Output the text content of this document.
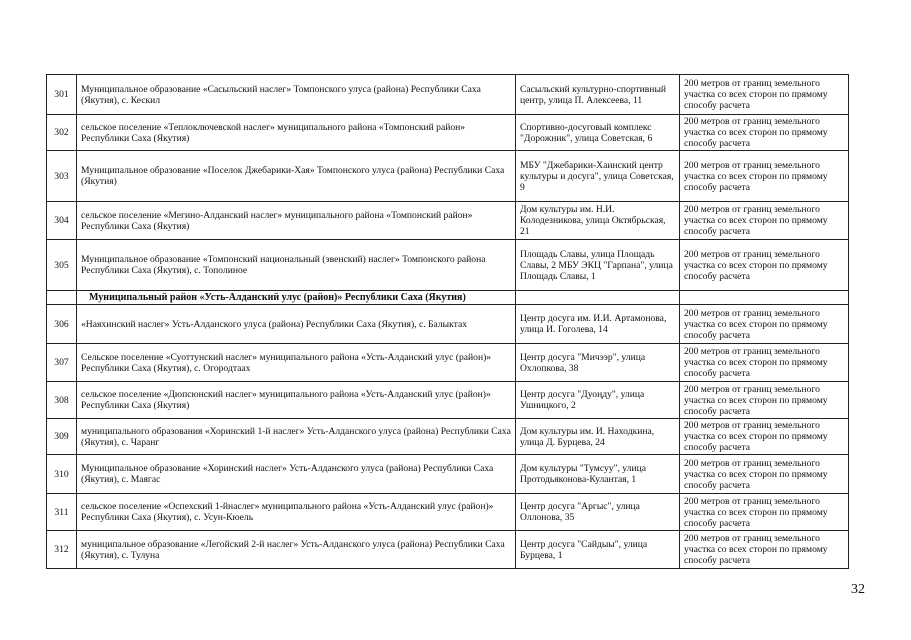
301	Муниципальное образование «Сасыльский наслег» Томпонского улуса (района) Республики Саха (Якутия), с. Кескил	Сасыльский культурно-спортивный центр, улица П. Алексеева, 11	200 метров от границ земельного участка со всех сторон по прямому способу расчета
302	сельское поселение «Теплоключевской наслег» муниципального района «Томпонский район» Республики Саха (Якутия)	Спортивно-досуговый комплекс "Дорожник", улица Советская, 6	200 метров от границ земельного участка со всех сторон по прямому способу расчета
303	Муниципальное образование «Поселок Джебарики-Хая» Томпонского улуса (района) Республики Саха (Якутия)	МБУ "Джебарики-Хаинский центр культуры и досуга", улица Советская, 9	200 метров от границ земельного участка со всех сторон по прямому способу расчета
304	сельское поселение «Мегино-Алданский наслег» муниципального района «Томпонский район» Республики Саха (Якутия)	Дом культуры им. Н.И. Колодезникова, улица Октябрьская, 21	200 метров от границ земельного участка со всех сторон по прямому способу расчета
305	Муниципальное образование «Томпонский национальный (эвенский) наслег» Томпонского района Республики Саха (Якутия), с. Тополиное	Площадь Славы, улица Площадь Славы, 2 МБУ ЭКЦ "Гарпана", улица Площадь Славы, 1	200 метров от границ земельного участка со всех сторон по прямому способу расчета
	Муниципальный район «Усть-Алданский улус (район)» Республики Саха (Якутия)		
306	«Наяхинский наслег» Усть-Алданского улуса (района) Республики Саха (Якутия), с. Балыктах	Центр досуга им. И.И. Артамонова, улица И. Гоголева, 14	200 метров от границ земельного участка со всех сторон по прямому способу расчета
307	Сельское поселение «Суоттунский наслег» муниципального района «Усть-Алданский улус (район)» Республики Саха (Якутия), с. Огородтаах	Центр досуга "Мичээр", улица Охлопкова, 38	200 метров от границ земельного участка со всех сторон по прямому способу расчета
308	сельское поселение «Дюпсюнский наслег» муниципального района «Усть-Алданский улус (район)» Республики Саха (Якутия)	Центр досуга "Дуоңду", улица Ушницкого, 2	200 метров от границ земельного участка со всех сторон по прямому способу расчета
309	муниципального образования «Хоринский 1-й наслег» Усть-Алданского улуса (района) Республики Саха (Якутия), с. Чаранг	Дом культуры им. И. Находкина, улица Д. Бурцева, 24	200 метров от границ земельного участка со всех сторон по прямому способу расчета
310	Муниципальное образование «Хоринский наслег» Усть-Алданского улуса (района) Республики Саха (Якутия), с. Маягас	Дом культуры "Тумсуу", улица Протодьяконова-Кулантая, 1	200 метров от границ земельного участка со всех сторон по прямому способу расчета
311	сельское поселение «Оспехский 1-йнаслег» муниципального района «Усть-Алданский улус (район)» Республики Саха (Якутия), с. Усун-Кюель	Центр досуга "Аргыс", улица Оллонова, 35	200 метров от границ земельного участка со всех сторон по прямому способу расчета
312	муниципальное образование «Легойский 2-й наслег» Усть-Алданского улуса (района) Республики Саха (Якутия), с. Тулуна	Центр досуга "Сайдыы", улица Бурцева, 1	200 метров от границ земельного участка со всех сторон по прямому способу расчета
32
